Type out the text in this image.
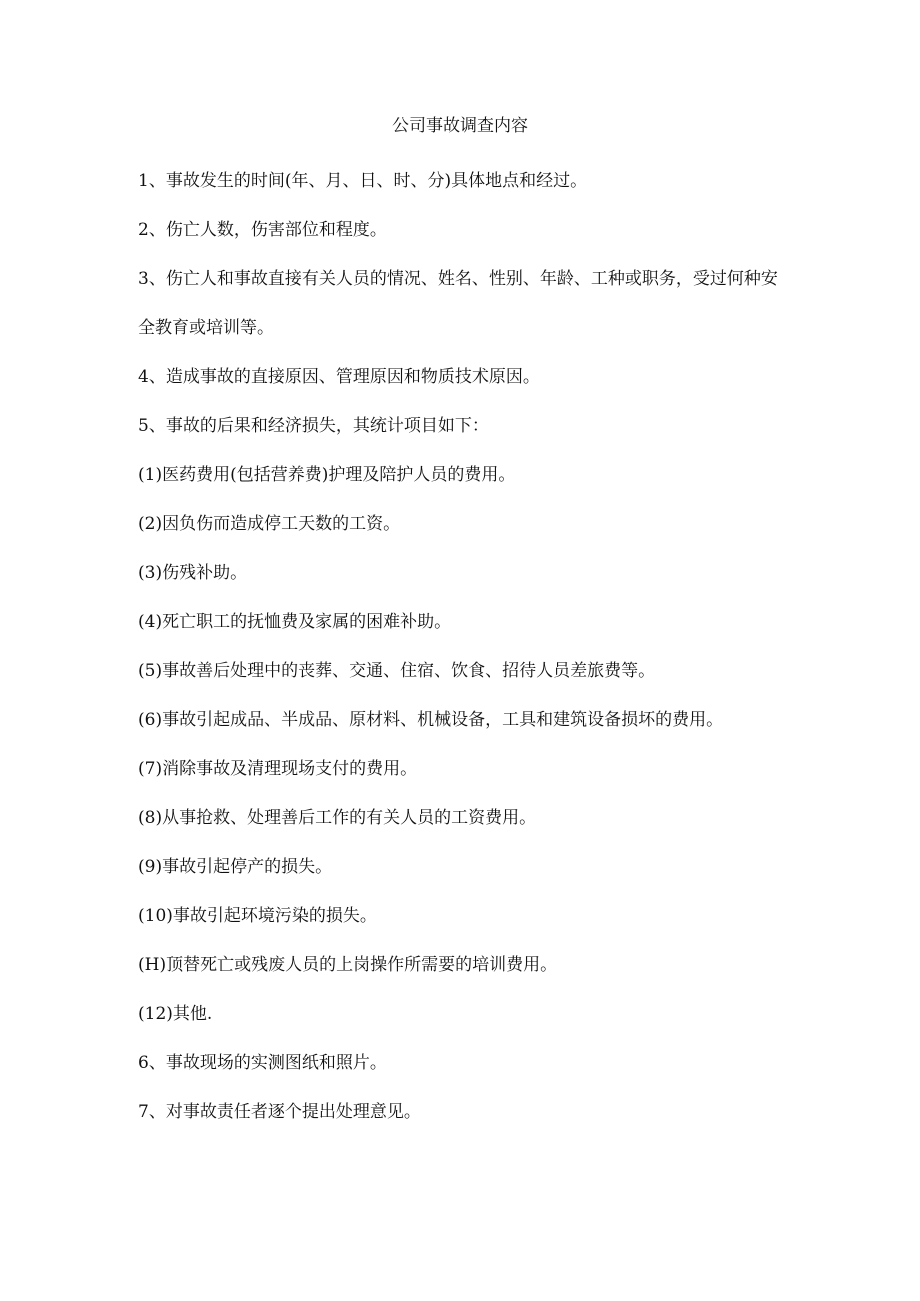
公司事故调查内容

1、事故发生的时间(年、月、日、时、分)具体地点和经过。

2、伤亡人数，伤害部位和程度。

3、伤亡人和事故直接有关人员的情况、姓名、性别、年龄、工种或职务，受过何种安全教育或培训等。

4、造成事故的直接原因、管理原因和物质技术原因。

5、事故的后果和经济损失，其统计项目如下：

(1)医药费用(包括营养费)护理及陪护人员的费用。

(2)因负伤而造成停工天数的工资。

(3)伤残补助。

(4)死亡职工的抚恤费及家属的困难补助。

(5)事故善后处理中的丧葬、交通、住宿、饮食、招待人员差旅费等。

(6)事故引起成品、半成品、原材料、机械设备，工具和建筑设备损坏的费用。

(7)消除事故及清理现场支付的费用。

(8)从事抢救、处理善后工作的有关人员的工资费用。

(9)事故引起停产的损失。

(10)事故引起环境污染的损失。

(H)顶替死亡或残废人员的上岗操作所需要的培训费用。

(12)其他.

6、事故现场的实测图纸和照片。

7、对事故责任者逐个提出处理意见。
